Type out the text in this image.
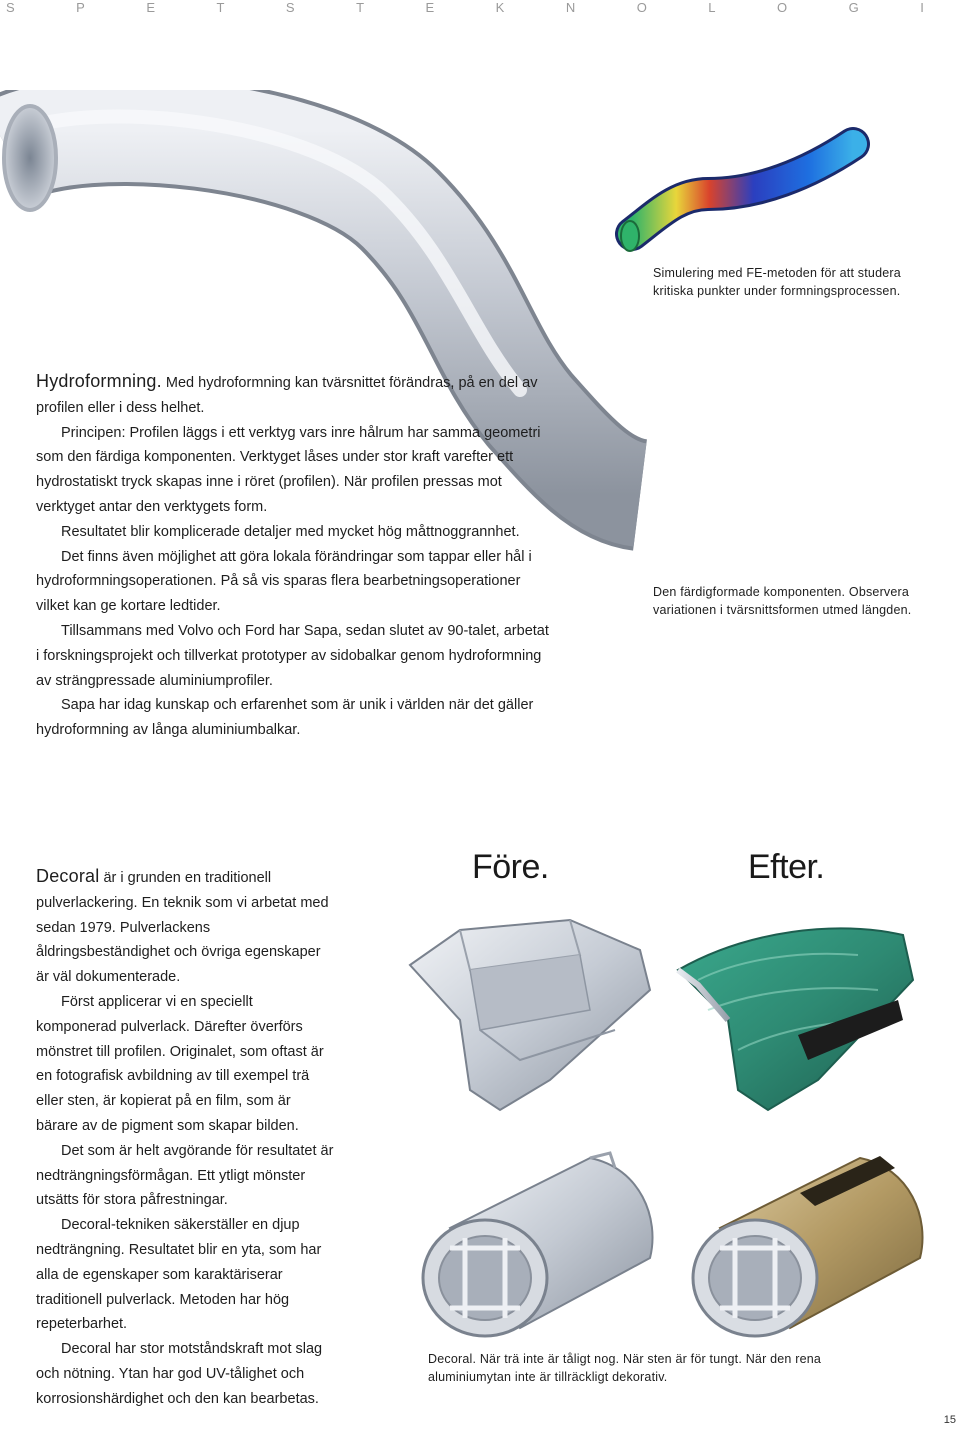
S	P	E	T	S	T	E	K	N	O	L	O	G	I
Simulering med FE-metoden för att studera kritiska punkter under formningsprocessen.
Den färdigformade komponenten. Observera variationen i tvärsnittsformen utmed längden.

Hydroformning. Med hydroformning kan tvärsnittet förändras, på en del av profilen eller i dess helhet.

Principen: Profilen läggs i ett verktyg vars inre hålrum har samma geometri som den färdiga komponenten. Verktyget låses under stor kraft varefter ett hydrostatiskt tryck skapas inne i röret (profilen). När profilen pressas mot verktyget antar den verktygets form.

Resultatet blir komplicerade detaljer med mycket hög måttnoggrannhet.

Det finns även möjlighet att göra lokala förändringar som tappar eller hål i hydroformningsoperationen. På så vis sparas flera bearbetningsoperationer vilket kan ge kortare ledtider.

Tillsammans med Volvo och Ford har Sapa, sedan slutet av 90-talet, arbetat i forskningsprojekt och tillverkat prototyper av sidobalkar genom hydroformning av strängpressade aluminiumprofiler.

Sapa har idag kunskap och erfarenhet som är unik i världen när det gäller hydroformning av långa aluminiumbalkar.

Decoral är i grunden en traditionell pulverlackering. En teknik som vi arbetat med sedan 1979. Pulverlackens åldringsbeständighet och övriga egenskaper är väl dokumenterade.

Först applicerar vi en speciellt komponerad pulverlack. Därefter överförs mönstret till profilen. Originalet, som oftast är en fotografisk avbildning av till exempel trä eller sten, är kopierat på en film, som är bärare av de pigment som skapar bilden.

Det som är helt avgörande för resultatet är nedträngningsförmågan. Ett ytligt mönster utsätts för stora påfrestningar.

Decoral-tekniken säkerställer en djup nedträngning. Resultatet blir en yta, som har alla de egenskaper som karaktäriserar traditionell pulverlack. Metoden har hög repeterbarhet.

Decoral har stor motståndskraft mot slag och nötning. Ytan har god UV-tålighet och korrosionshärdighet och den kan bearbetas.

Före.	Efter.
Decoral. När trä inte är tåligt nog. När sten är för tungt. När den rena aluminiumytan inte är tillräckligt dekorativ.
15
